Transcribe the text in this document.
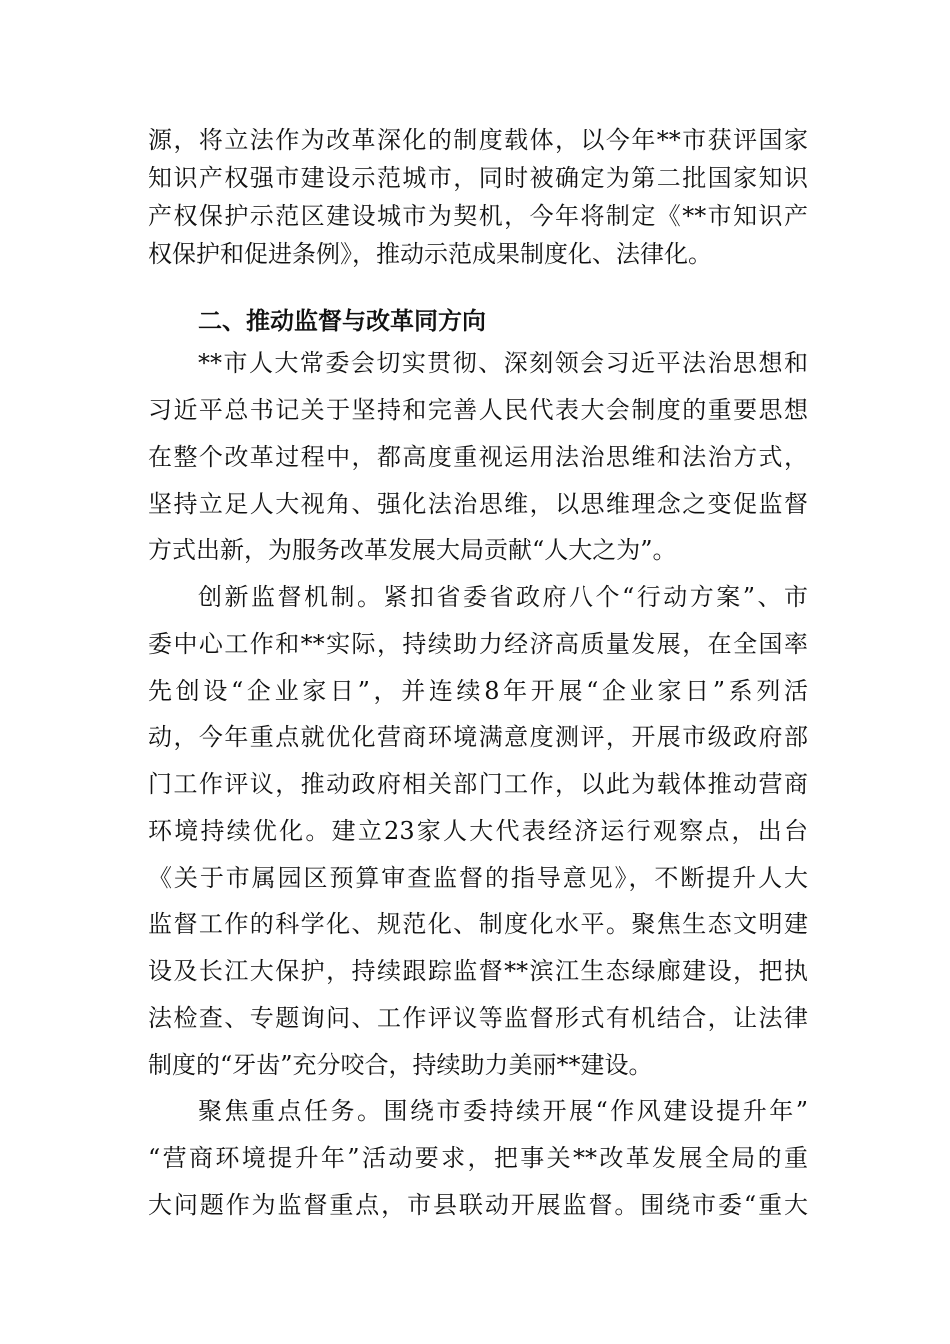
源，将立法作为改革深化的制度载体，以今年**市获评国家
知识产权强市建设示范城市，同时被确定为第二批国家知识
产权保护示范区建设城市为契机，今年将制定《**市知识产
权保护和促进条例》，推动示范成果制度化、法律化。
二、推动监督与改革同方向
**市人大常委会切实贯彻、深刻领会习近平法治思想和
习近平总书记关于坚持和完善人民代表大会制度的重要思想
在整个改革过程中，都高度重视运用法治思维和法治方式，
坚持立足人大视角、强化法治思维，以思维理念之变促监督
方式出新，为服务改革发展大局贡献“人大之为”。
创新监督机制。紧扣省委省政府八个“行动方案”、市
委中心工作和**实际，持续助力经济高质量发展，在全国率
先创设“企业家日”，并连续8年开展“企业家日”系列活
动，今年重点就优化营商环境满意度测评，开展市级政府部
门工作评议，推动政府相关部门工作，以此为载体推动营商
环境持续优化。建立23家人大代表经济运行观察点，出台
《关于市属园区预算审查监督的指导意见》，不断提升人大
监督工作的科学化、规范化、制度化水平。聚焦生态文明建
设及长江大保护，持续跟踪监督**滨江生态绿廊建设，把执
法检查、专题询问、工作评议等监督形式有机结合，让法律
制度的“牙齿”充分咬合，持续助力美丽**建设。
聚焦重点任务。围绕市委持续开展“作风建设提升年”
“营商环境提升年”活动要求，把事关**改革发展全局的重
大问题作为监督重点，市县联动开展监督。围绕市委“重大
